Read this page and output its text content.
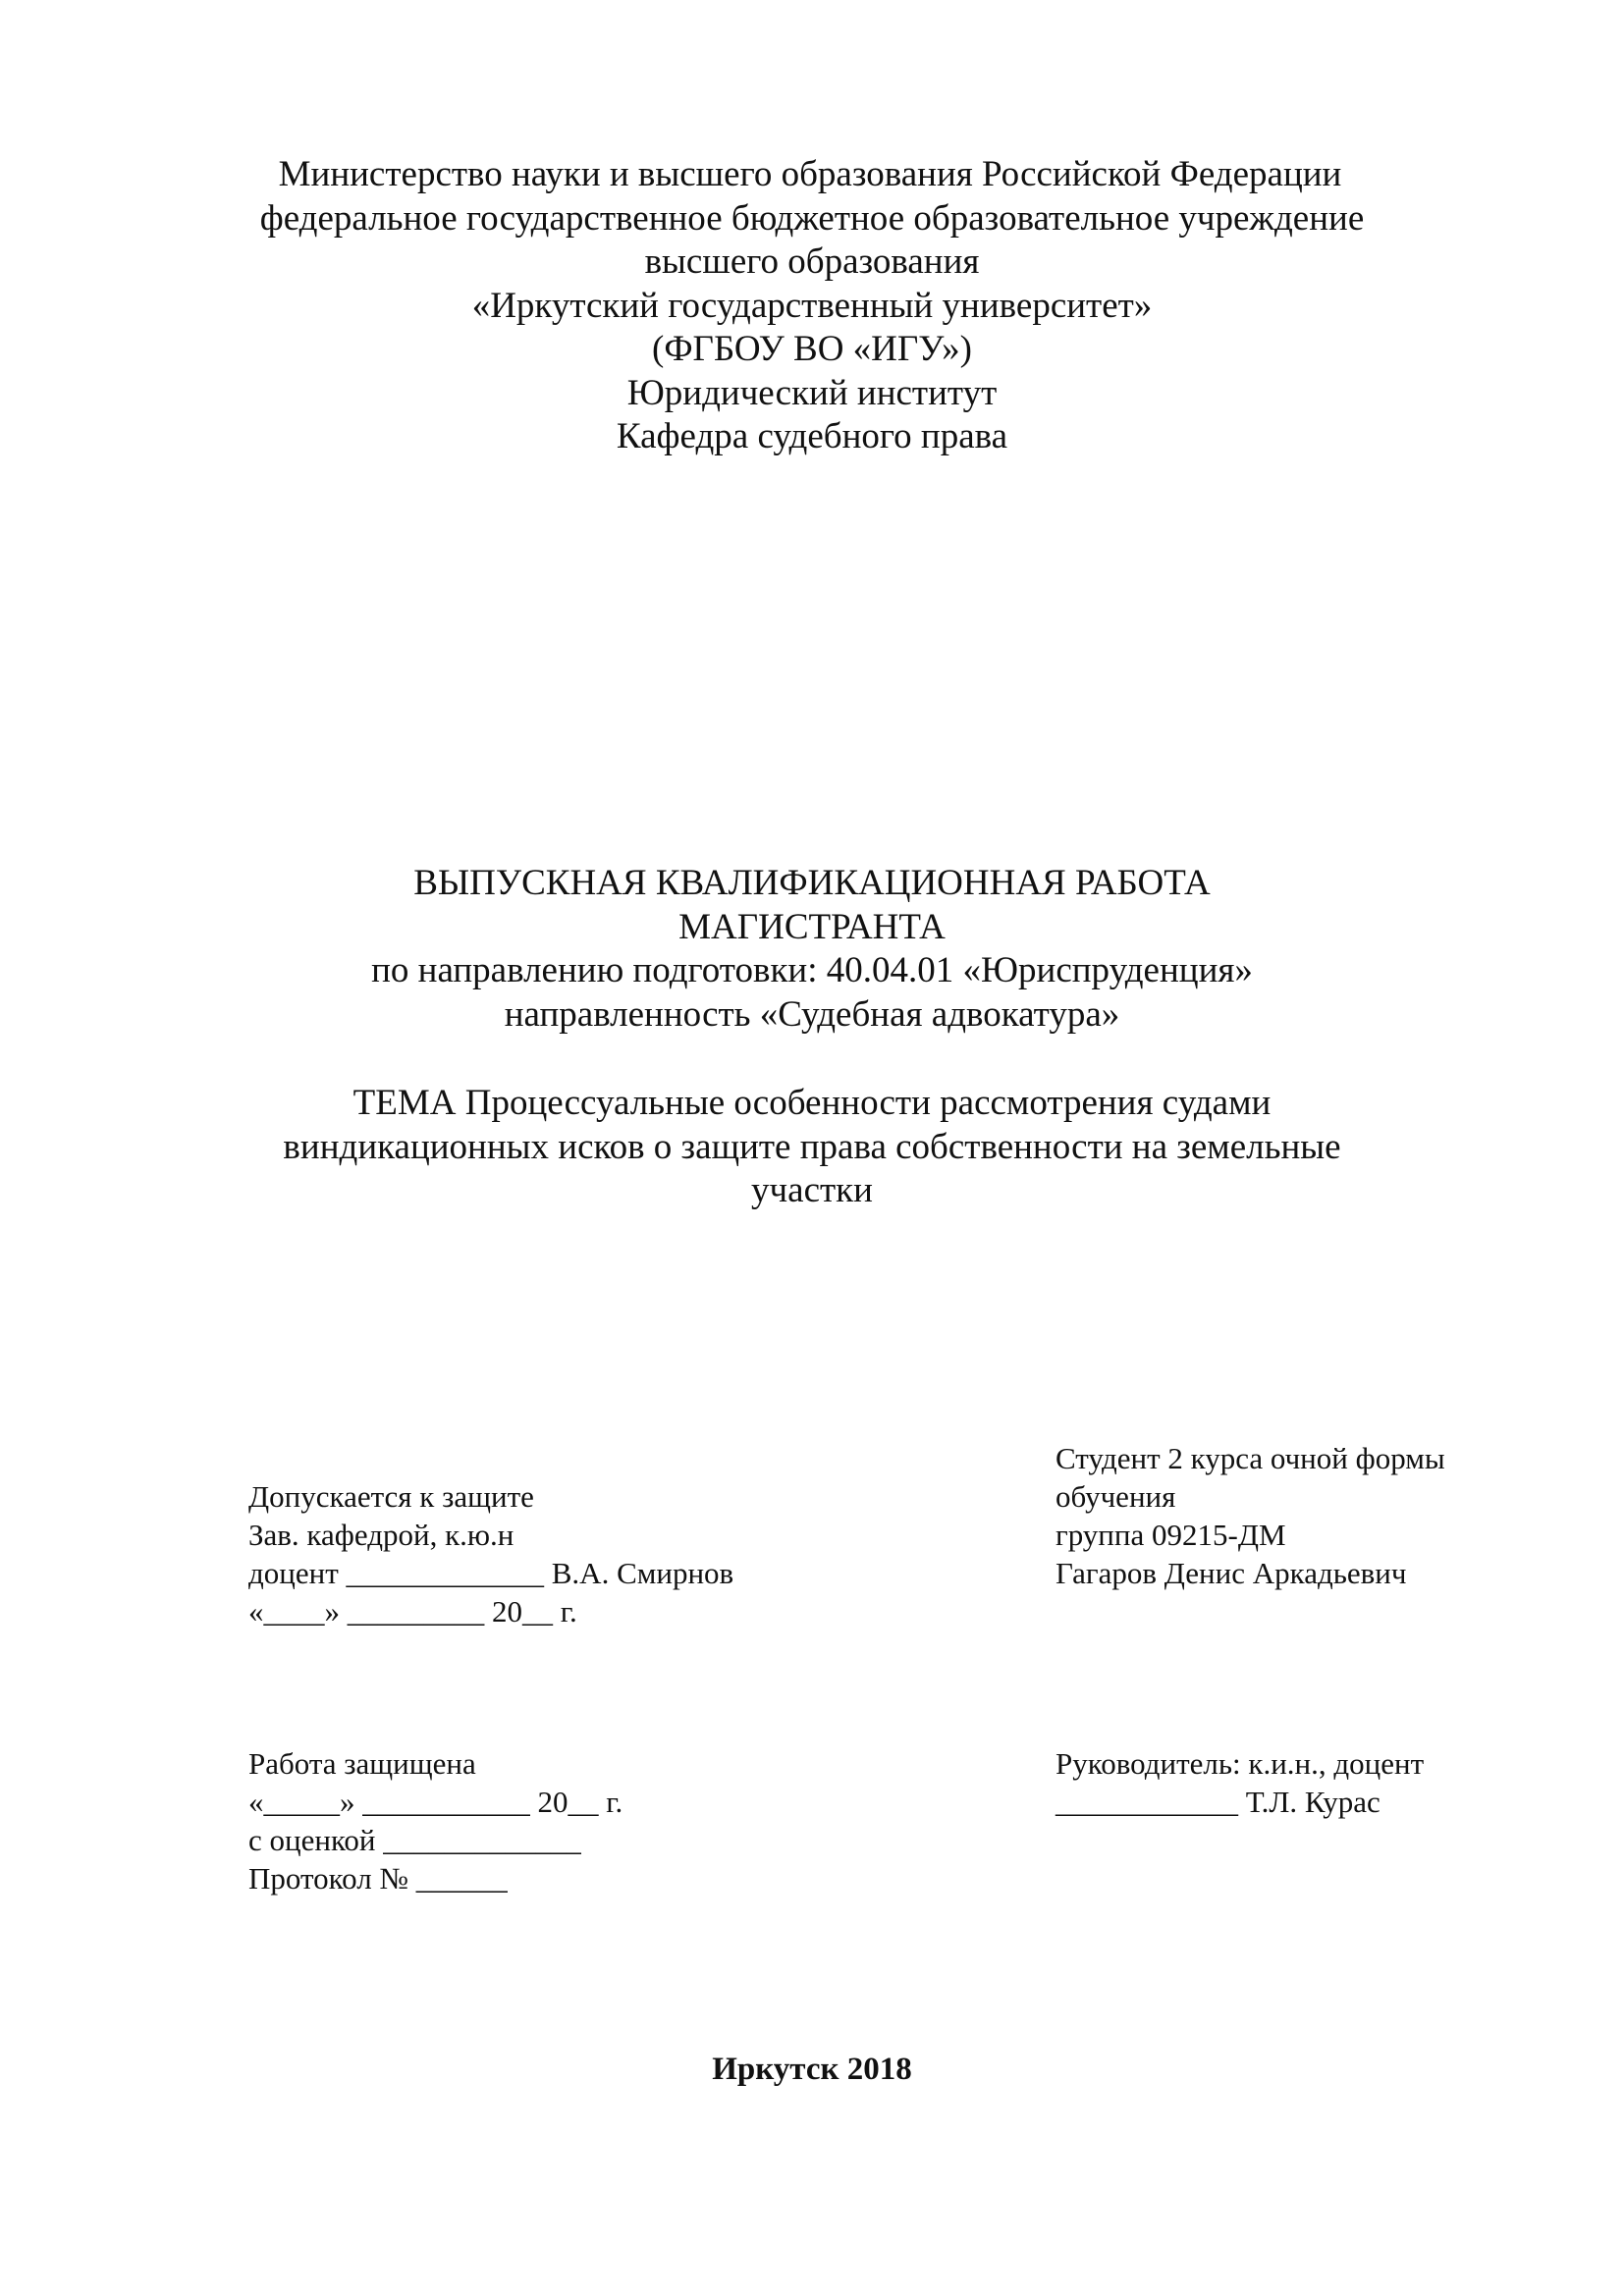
Министерство науки и высшего образования Российской Федерации
федеральное государственное бюджетное образовательное учреждение
высшего образования
«Иркутский государственный университет»
(ФГБОУ ВО «ИГУ»)
Юридический институт
Кафедра судебного права
ВЫПУСКНАЯ КВАЛИФИКАЦИОННАЯ РАБОТА
МАГИСТРАНТА
по направлению подготовки: 40.04.01 «Юриспруденция»
направленность «Судебная адвокатура»
ТЕМА Процессуальные особенности рассмотрения судами
виндикационных исков о защите права собственности на земельные
участки
Допускается к защите
Зав. кафедрой, к.ю.н
доцент _____________ В.А. Смирнов
«____» _________ 20__ г.
Студент 2 курса очной формы
обучения
группа 09215-ДМ
Гагаров Денис Аркадьевич
Работа защищена
«_____» ___________ 20__ г.
с оценкой _____________
Протокол № ______
Руководитель: к.и.н., доцент
____________ Т.Л. Курас
Иркутск 2018
